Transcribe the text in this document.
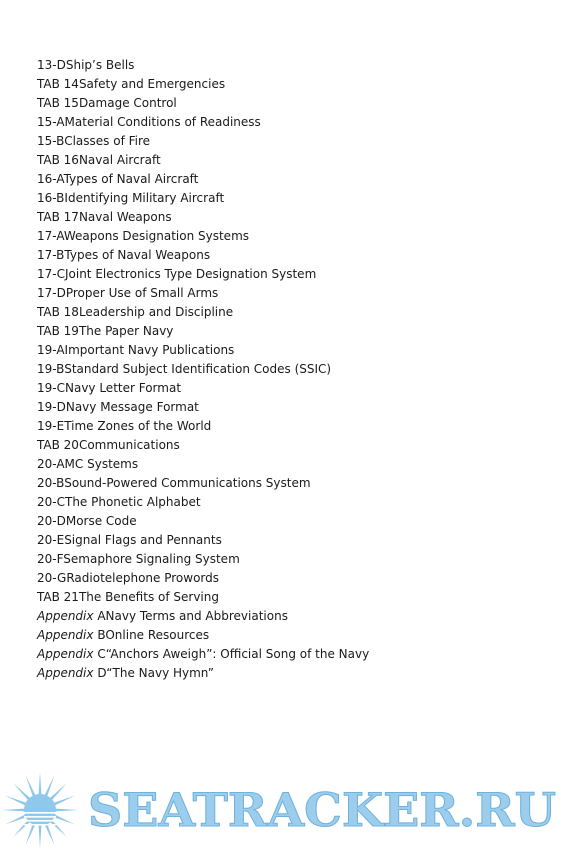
13-DShip’s Bells
TAB 14Safety and Emergencies
TAB 15Damage Control
15-AMaterial Conditions of Readiness
15-BClasses of Fire
TAB 16Naval Aircraft
16-ATypes of Naval Aircraft
16-BIdentifying Military Aircraft
TAB 17Naval Weapons
17-AWeapons Designation Systems
17-BTypes of Naval Weapons
17-CJoint Electronics Type Designation System
17-DProper Use of Small Arms
TAB 18Leadership and Discipline
TAB 19The Paper Navy
19-AImportant Navy Publications
19-BStandard Subject Identification Codes (SSIC)
19-CNavy Letter Format
19-DNavy Message Format
19-ETime Zones of the World
TAB 20Communications
20-AMC Systems
20-BSound-Powered Communications System
20-CThe Phonetic Alphabet
20-DMorse Code
20-ESignal Flags and Pennants
20-FSemaphore Signaling System
20-GRadiotelephone Prowords
TAB 21The Benefits of Serving
Appendix ANavy Terms and Abbreviations
Appendix BOnline Resources
Appendix C“Anchors Aweigh”: Official Song of the Navy
Appendix D“The Navy Hymn”
SEATRACKER.RU
